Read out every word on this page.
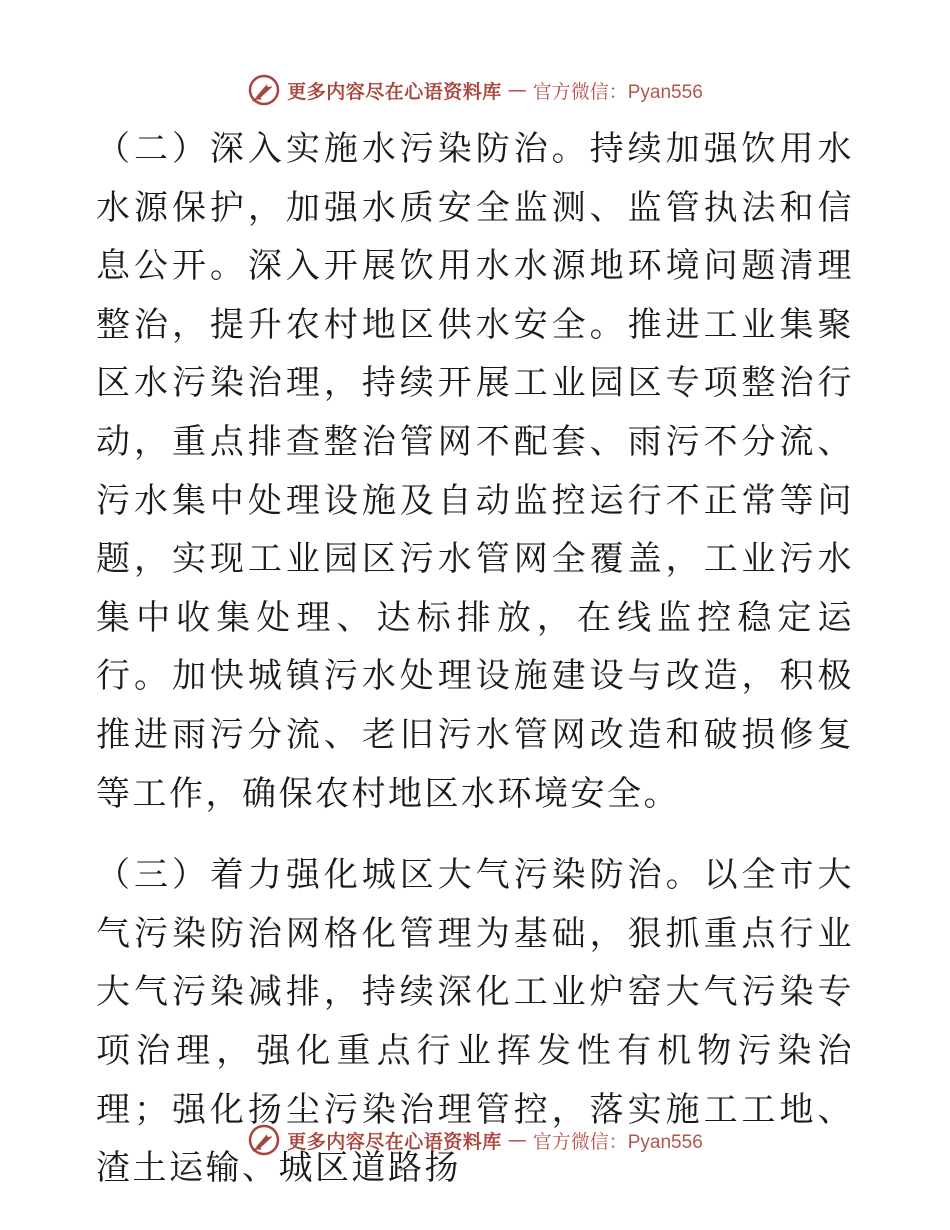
更多内容尽在心语资料库 — 官方微信：Pyan556

（二）深入实施水污染防治。持续加强饮用水水源保护，加强水质安全监测、监管执法和信息公开。深入开展饮用水水源地环境问题清理整治，提升农村地区供水安全。推进工业集聚区水污染治理，持续开展工业园区专项整治行动，重点排查整治管网不配套、雨污不分流、污水集中处理设施及自动监控运行不正常等问题，实现工业园区污水管网全覆盖，工业污水集中收集处理、达标排放，在线监控稳定运行。加快城镇污水处理设施建设与改造，积极推进雨污分流、老旧污水管网改造和破损修复等工作，确保农村地区水环境安全。

（三）着力强化城区大气污染防治。以全市大气污染防治网格化管理为基础，狠抓重点行业大气污染减排，持续深化工业炉窑大气污染专项治理，强化重点行业挥发性有机物污染治理；强化扬尘污染治理管控，落实施工工地、渣土运输、城区道路扬

更多内容尽在心语资料库 — 官方微信：Pyan556
